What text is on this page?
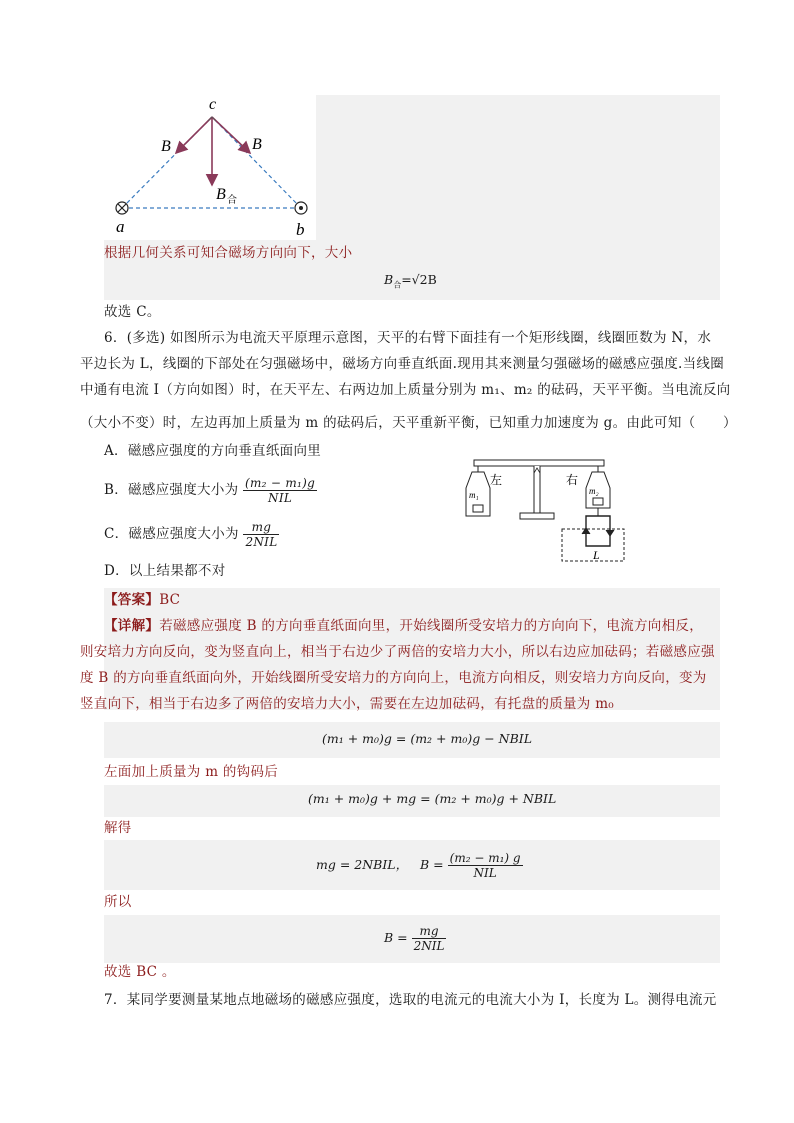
c
B	B
B 合
a	b
根据几何关系可知合磁场方向向下，大小
$B_合=√2B$
故选 C。
6．(多选) 如图所示为电流天平原理示意图，天平的右臂下面挂有一个矩形线圈，线圈匝数为 N，水
平边长为 L，线圈的下部处在匀强磁场中，磁场方向垂直纸面.现用其来测量匀强磁场的磁感应强度.当线圈
中通有电流 I（方向如图）时，在天平左、右两边加上质量分别为 m₁、m₂ 的砝码，天平平衡。当电流反向
（大小不变）时，左边再加上质量为 m 的砝码后，天平重新平衡，已知重力加速度为 g。由此可知（　　）
A．磁感应强度的方向垂直纸面向里
B．磁感应强度大小为 $\frac{\text{(m₂ − m₁)g}}{\text{NIL}}$
C．磁感应强度大小为 $\frac{mg}{\text{2NIL}}$
D．以上结果都不对
左	右
m₁	m₂
L
【答案】BC
【详解】若磁感应强度 B 的方向垂直纸面向里，开始线圈所受安培力的方向向下，电流方向相反，
则安培力方向反向，变为竖直向上，相当于右边少了两倍的安培力大小，所以右边应加砝码；若磁感应强
度 B 的方向垂直纸面向外，开始线圈所受安培力的方向向上，电流方向相反，则安培力方向反向，变为
竖直向下，相当于右边多了两倍的安培力大小，需要在左边加砝码，有托盘的质量为 m₀
(m₁ + m₀)g = (m₂ + m₀)g − NBIL
左面加上质量为 m 的钩码后
(m₁ + m₀)g + mg = (m₂ + m₀)g + NBIL
解得
mg = 2NBIL， $B = \frac{\text{(m₂ − m₁) g}}{\text{NIL}}$
所以
$B = \frac{mg}{\text{2NIL}}$
故选 BC 。
7．某同学要测量某地点地磁场的磁感应强度，选取的电流元的电流大小为 I，长度为 L。测得电流元
